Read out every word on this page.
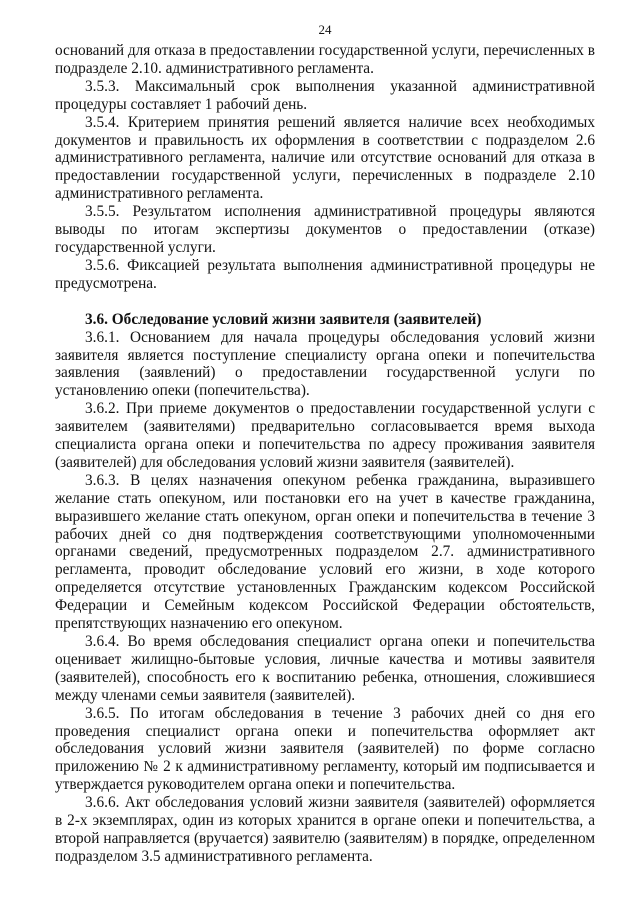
24

оснований для отказа в предоставлении государственной услуги, перечисленных в подразделе 2.10. административного регламента.

3.5.3. Максимальный срок выполнения указанной административной процедуры составляет 1 рабочий день.

3.5.4. Критерием принятия решений является наличие всех необходимых документов и правильность их оформления в соответствии с подразделом 2.6 административного регламента, наличие или отсутствие оснований для отказа в предоставлении государственной услуги, перечисленных в подразделе 2.10 административного регламента.

3.5.5. Результатом исполнения административной процедуры являются выводы по итогам экспертизы документов о предоставлении (отказе) государственной услуги.

3.5.6. Фиксацией результата выполнения административной процедуры не предусмотрена.

3.6. Обследование условий жизни заявителя (заявителей)

3.6.1. Основанием для начала процедуры обследования условий жизни заявителя является поступление специалисту органа опеки и попечительства заявления (заявлений) о предоставлении государственной услуги по установлению опеки (попечительства).

3.6.2. При приеме документов о предоставлении государственной услуги с заявителем (заявителями) предварительно согласовывается время выхода специалиста органа опеки и попечительства по адресу проживания заявителя (заявителей) для обследования условий жизни заявителя (заявителей).

3.6.3. В целях назначения опекуном ребенка гражданина, выразившего желание стать опекуном, или постановки его на учет в качестве гражданина, выразившего желание стать опекуном, орган опеки и попечительства в течение 3 рабочих дней со дня подтверждения соответствующими уполномоченными органами сведений, предусмотренных подразделом 2.7. административного регламента, проводит обследование условий его жизни, в ходе которого определяется отсутствие установленных Гражданским кодексом Российской Федерации и Семейным кодексом Российской Федерации обстоятельств, препятствующих назначению его опекуном.

3.6.4. Во время обследования специалист органа опеки и попечительства оценивает жилищно-бытовые условия, личные качества и мотивы заявителя (заявителей), способность его к воспитанию ребенка, отношения, сложившиеся между членами семьи заявителя (заявителей).

3.6.5. По итогам обследования в течение 3 рабочих дней со дня его проведения специалист органа опеки и попечительства оформляет акт обследования условий жизни заявителя (заявителей) по форме согласно приложению № 2 к административному регламенту, который им подписывается и утверждается руководителем органа опеки и попечительства.

3.6.6. Акт обследования условий жизни заявителя (заявителей) оформляется в 2-х экземплярах, один из которых хранится в органе опеки и попечительства, а второй направляется (вручается) заявителю (заявителям) в порядке, определенном подразделом 3.5 административного регламента.
